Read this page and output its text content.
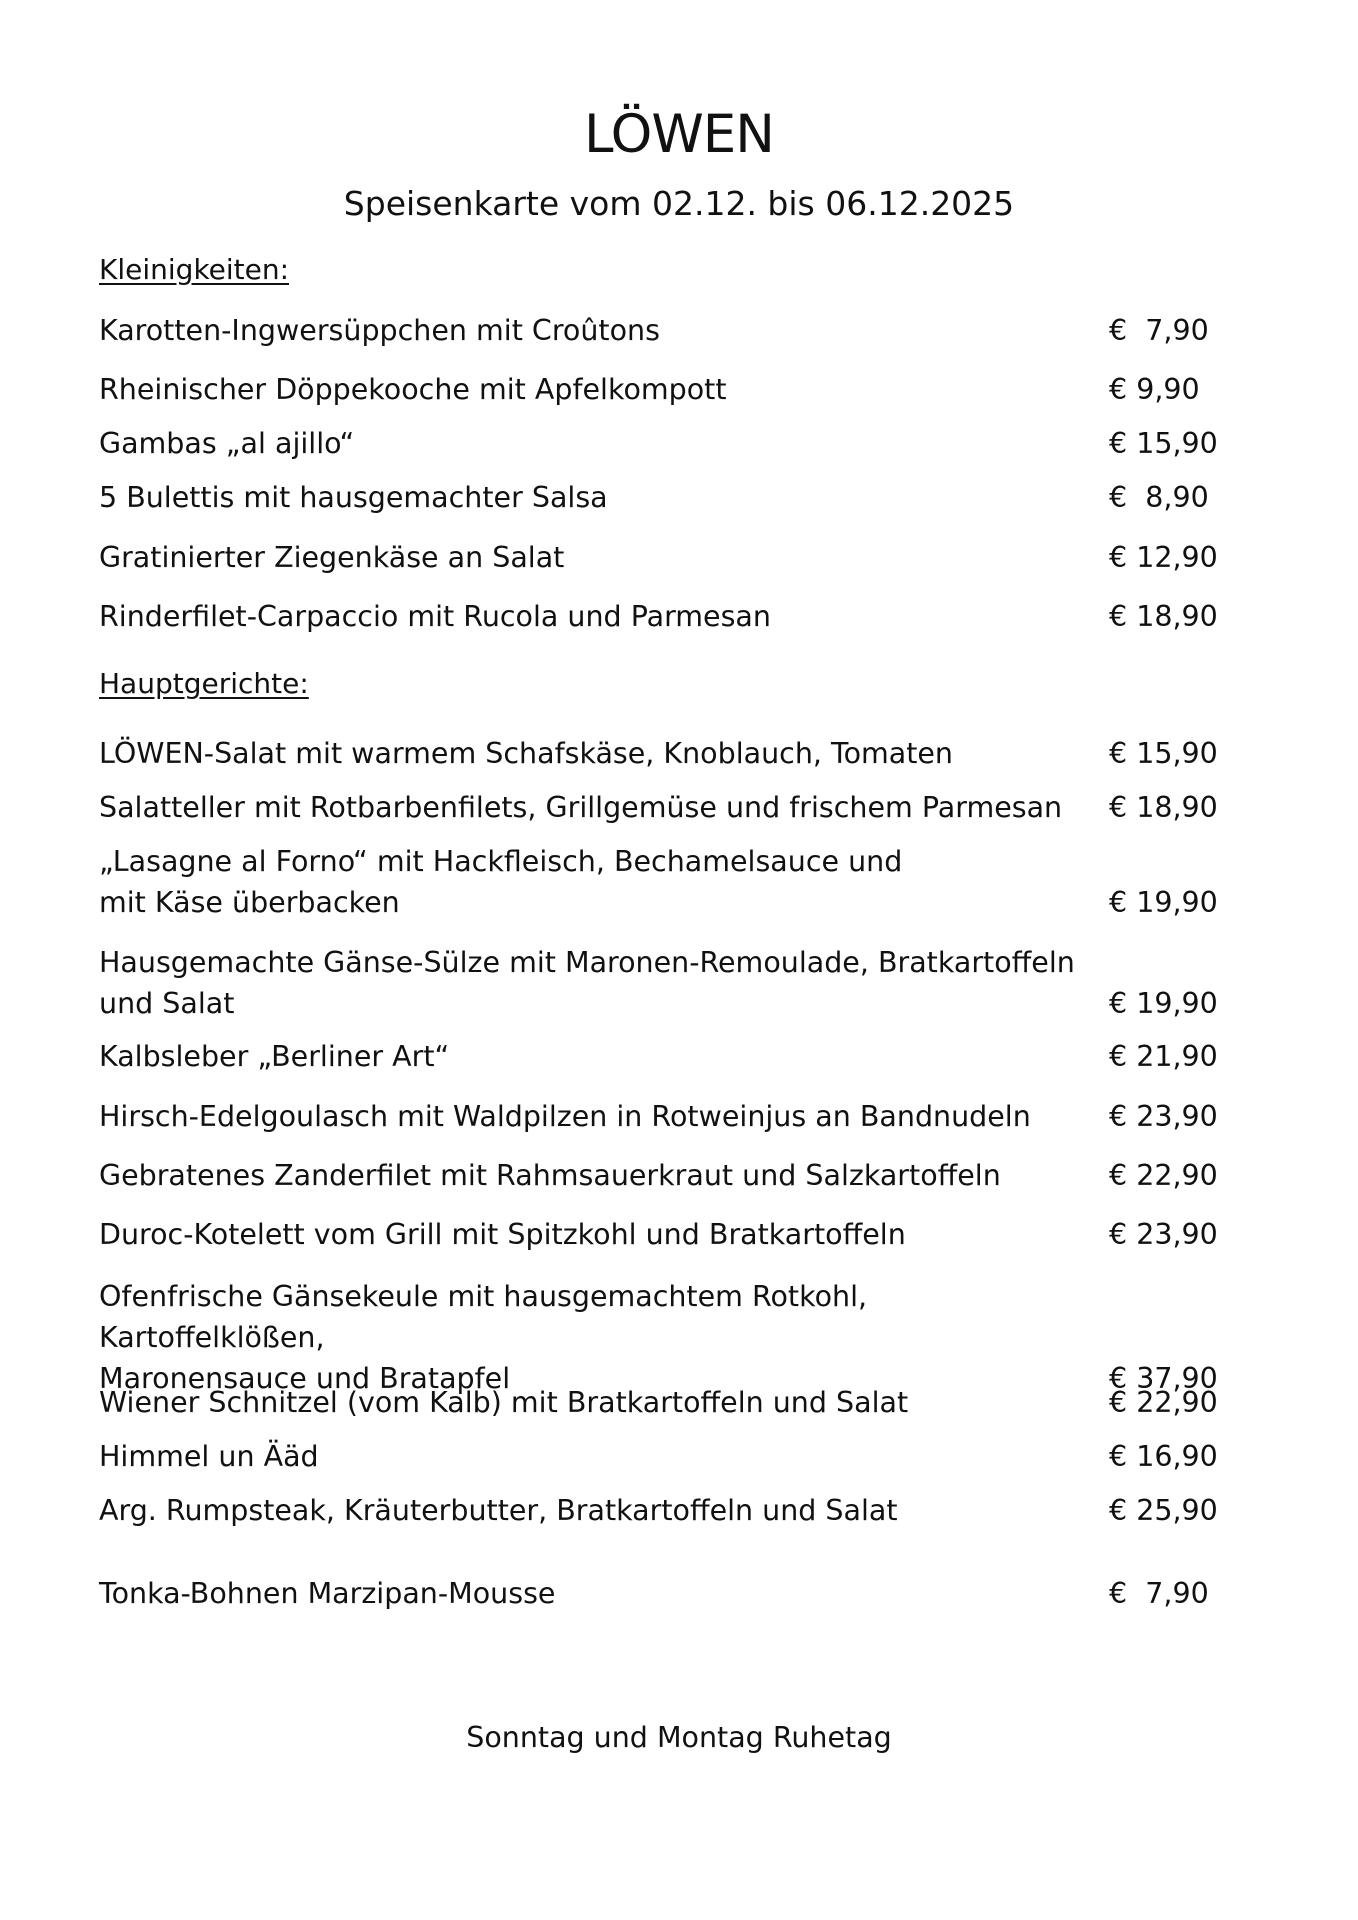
LÖWEN
Speisenkarte vom 02.12. bis 06.12.2025
Kleinigkeiten:
Karotten-Ingwersüppchen mit Croûtons	€  7,90
Rheinischer Döppekooche mit Apfelkompott	€ 9,90
Gambas „al ajillo“	€ 15,90
5 Bulettis mit hausgemachter Salsa	€  8,90
Gratinierter Ziegenkäse an Salat	€ 12,90
Rinderfilet-Carpaccio mit Rucola und Parmesan	€ 18,90
Hauptgerichte:
LÖWEN-Salat mit warmem Schafskäse, Knoblauch, Tomaten	€ 15,90
Salatteller mit Rotbarbenfilets, Grillgemüse und frischem Parmesan	€ 18,90
„Lasagne al Forno“ mit Hackfleisch, Bechamelsauce und
mit Käse überbacken	€ 19,90
Hausgemachte Gänse-Sülze mit Maronen-Remoulade, Bratkartoffeln
und Salat	€ 19,90
Kalbsleber „Berliner Art“	€ 21,90
Hirsch-Edelgoulasch mit Waldpilzen in Rotweinjus an Bandnudeln	€ 23,90
Gebratenes Zanderfilet mit Rahmsauerkraut und Salzkartoffeln	€ 22,90
Duroc-Kotelett vom Grill mit Spitzkohl und Bratkartoffeln	€ 23,90
Ofenfrische Gänsekeule mit hausgemachtem Rotkohl, Kartoffelklößen,
Maronensauce und Bratapfel	€ 37,90
Wiener Schnitzel (vom Kalb) mit Bratkartoffeln und Salat	€ 22,90
Himmel un Ääd	€ 16,90
Arg. Rumpsteak, Kräuterbutter, Bratkartoffeln und Salat	€ 25,90
Tonka-Bohnen Marzipan-Mousse	€  7,90
Sonntag und Montag Ruhetag
